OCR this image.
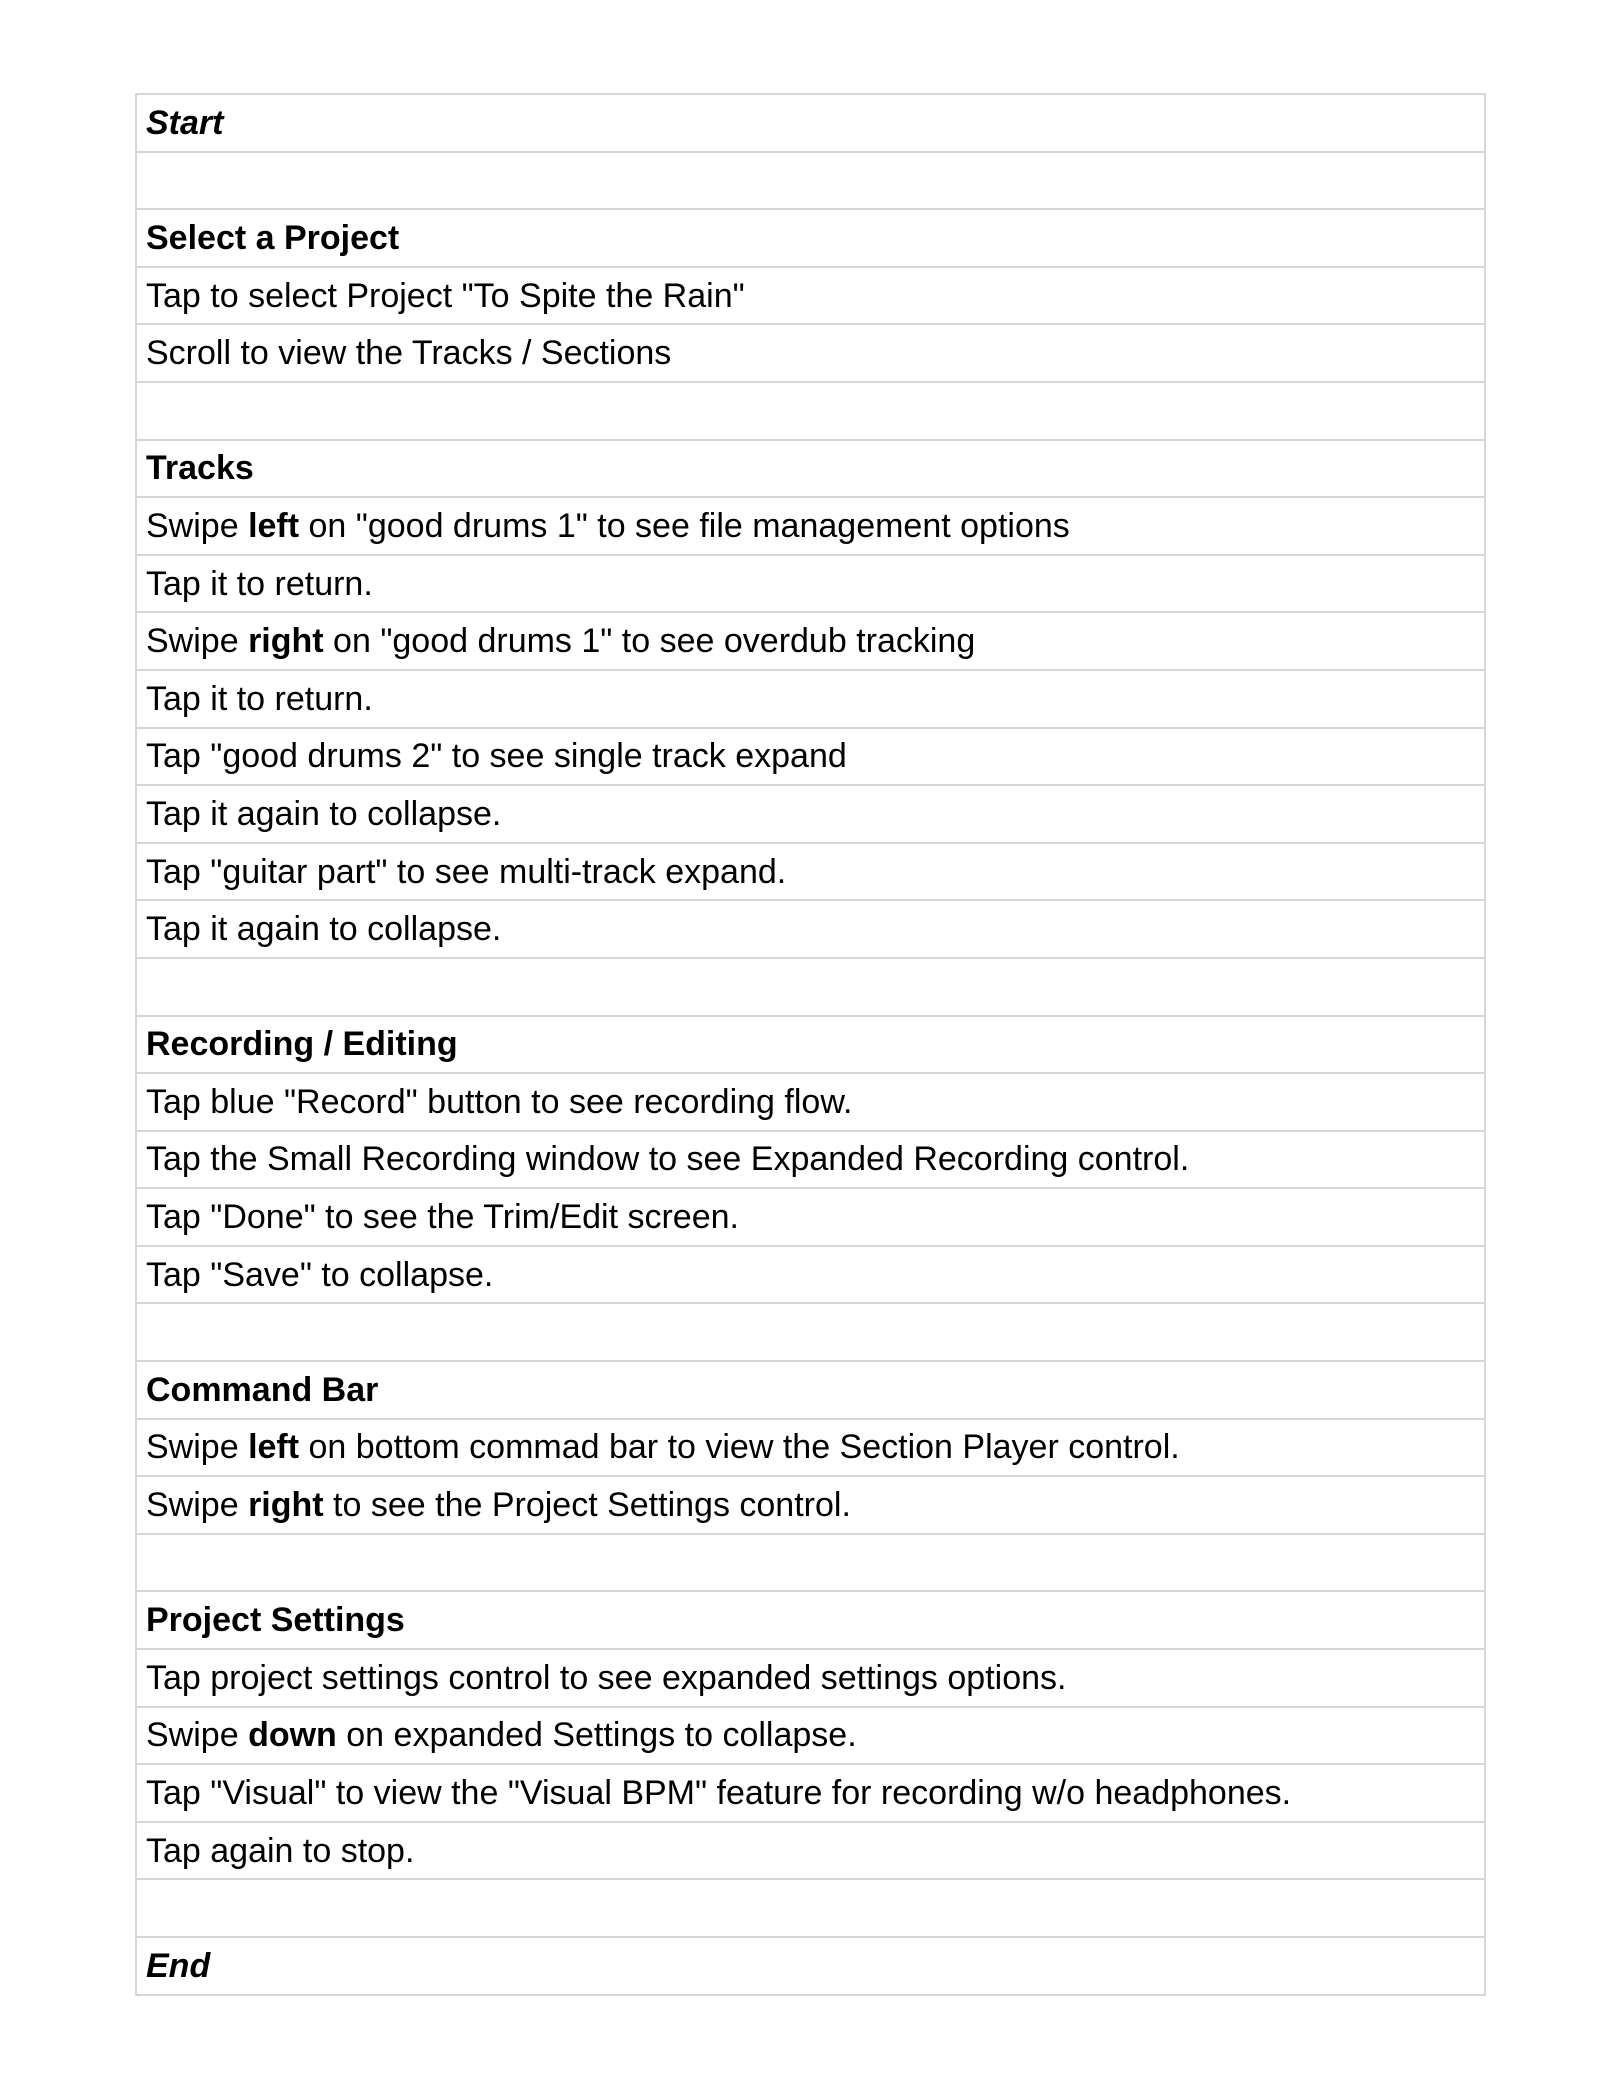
Start
Select a Project
Tap to select Project "To Spite the Rain"
Scroll to view the Tracks / Sections
Tracks
Swipe left on "good drums 1" to see file management options
Tap it to return.
Swipe right on "good drums 1" to see overdub tracking
Tap it to return.
Tap "good drums 2" to see single track expand
Tap it again to collapse.
Tap "guitar part" to see multi-track expand.
Tap it again to collapse.
Recording / Editing
Tap blue "Record" button to see recording flow.
Tap the Small Recording window to see Expanded Recording control.
Tap "Done" to see the Trim/Edit screen.
Tap "Save" to collapse.
Command Bar
Swipe left on bottom commad bar to view the Section Player control.
Swipe right to see the Project Settings control.
Project Settings
Tap project settings control to see expanded settings options.
Swipe down on expanded Settings to collapse.
Tap "Visual" to view the "Visual BPM" feature for recording w/o headphones.
Tap again to stop.
End
